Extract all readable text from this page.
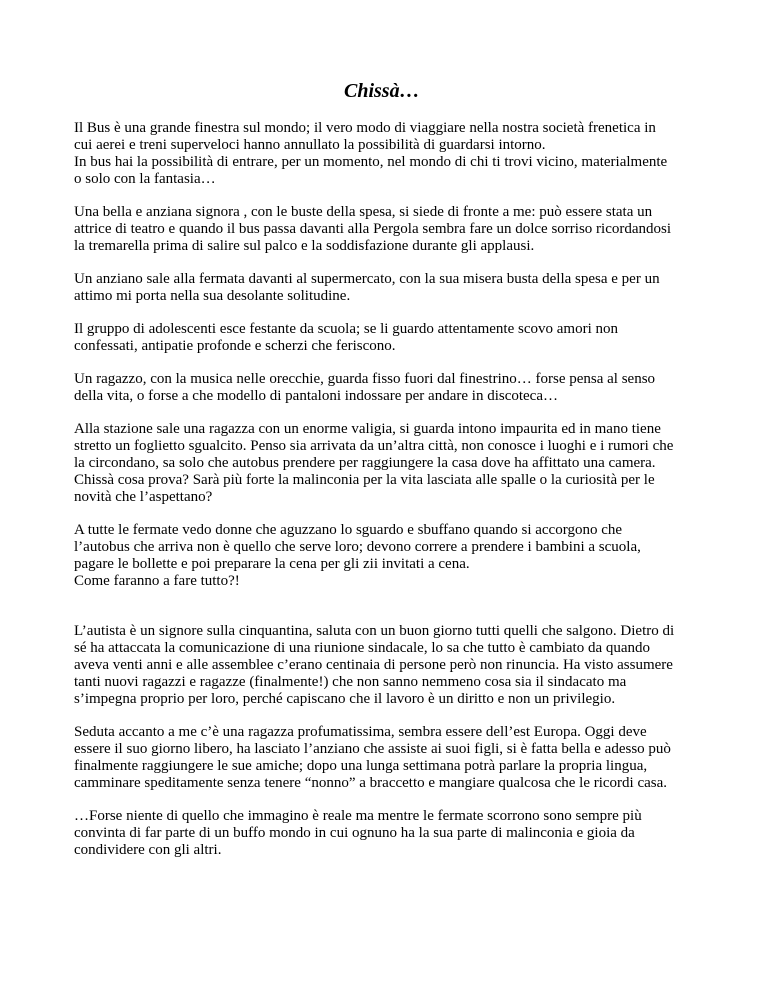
Chissà…

Il Bus è una grande finestra sul mondo; il vero modo di viaggiare nella nostra società frenetica in
cui aerei e treni superveloci hanno annullato la possibilità di guardarsi intorno.
In bus hai la possibilità di entrare, per un momento, nel mondo di chi ti trovi vicino, materialmente
o solo con la fantasia…

Una bella e anziana signora , con le buste della spesa, si siede di fronte a me: può essere stata un
attrice di teatro e quando il bus passa davanti alla Pergola sembra fare un dolce sorriso ricordandosi
la tremarella prima di salire sul palco e la soddisfazione durante gli applausi.

Un anziano sale alla fermata davanti al supermercato, con la sua misera busta della spesa e per un
attimo mi porta nella sua desolante solitudine.

Il gruppo di adolescenti esce festante da scuola; se li guardo attentamente scovo amori non
confessati, antipatie profonde e scherzi che feriscono.

Un ragazzo, con la musica nelle orecchie, guarda fisso fuori dal finestrino… forse pensa al senso
della vita, o forse a che modello di pantaloni indossare per andare in discoteca…

Alla stazione sale una ragazza con un enorme valigia, si guarda intono impaurita ed in mano tiene
stretto un foglietto sgualcito. Penso sia arrivata da un’altra città, non conosce i luoghi e i rumori che
la circondano, sa solo che autobus prendere per raggiungere la casa dove ha affittato una camera.
Chissà cosa prova? Sarà più forte la malinconia per la vita lasciata alle spalle o la curiosità per le
novità che l’aspettano?

A tutte le fermate vedo donne che aguzzano lo sguardo e sbuffano quando si accorgono che
l’autobus che arriva non è quello che serve loro; devono correre a prendere i bambini a scuola,
pagare le bollette e poi preparare la cena per gli zii invitati a cena.
Come faranno a fare tutto?!

L’autista è un signore sulla cinquantina, saluta con un buon giorno tutti quelli che salgono. Dietro di
sé ha attaccata la comunicazione di una riunione sindacale, lo sa che tutto è cambiato da quando
aveva venti anni e alle assemblee c’erano centinaia di persone però non rinuncia. Ha visto assumere
tanti nuovi ragazzi e ragazze (finalmente!) che non sanno nemmeno cosa sia il sindacato ma
s’impegna proprio per loro, perché capiscano che il lavoro è un diritto e non un privilegio.

Seduta accanto a me c’è una ragazza profumatissima, sembra essere dell’est Europa. Oggi deve
essere il suo giorno libero, ha lasciato l’anziano che assiste ai suoi figli, si è fatta bella e adesso può
finalmente raggiungere le sue amiche; dopo una lunga settimana potrà parlare la propria lingua,
camminare speditamente senza tenere “nonno” a braccetto e mangiare qualcosa che le ricordi casa.

…Forse niente di quello che immagino è reale ma mentre le fermate scorrono sono sempre più
convinta di far parte di un buffo mondo in cui ognuno ha la sua parte di malinconia e gioia da
condividere con gli altri.
